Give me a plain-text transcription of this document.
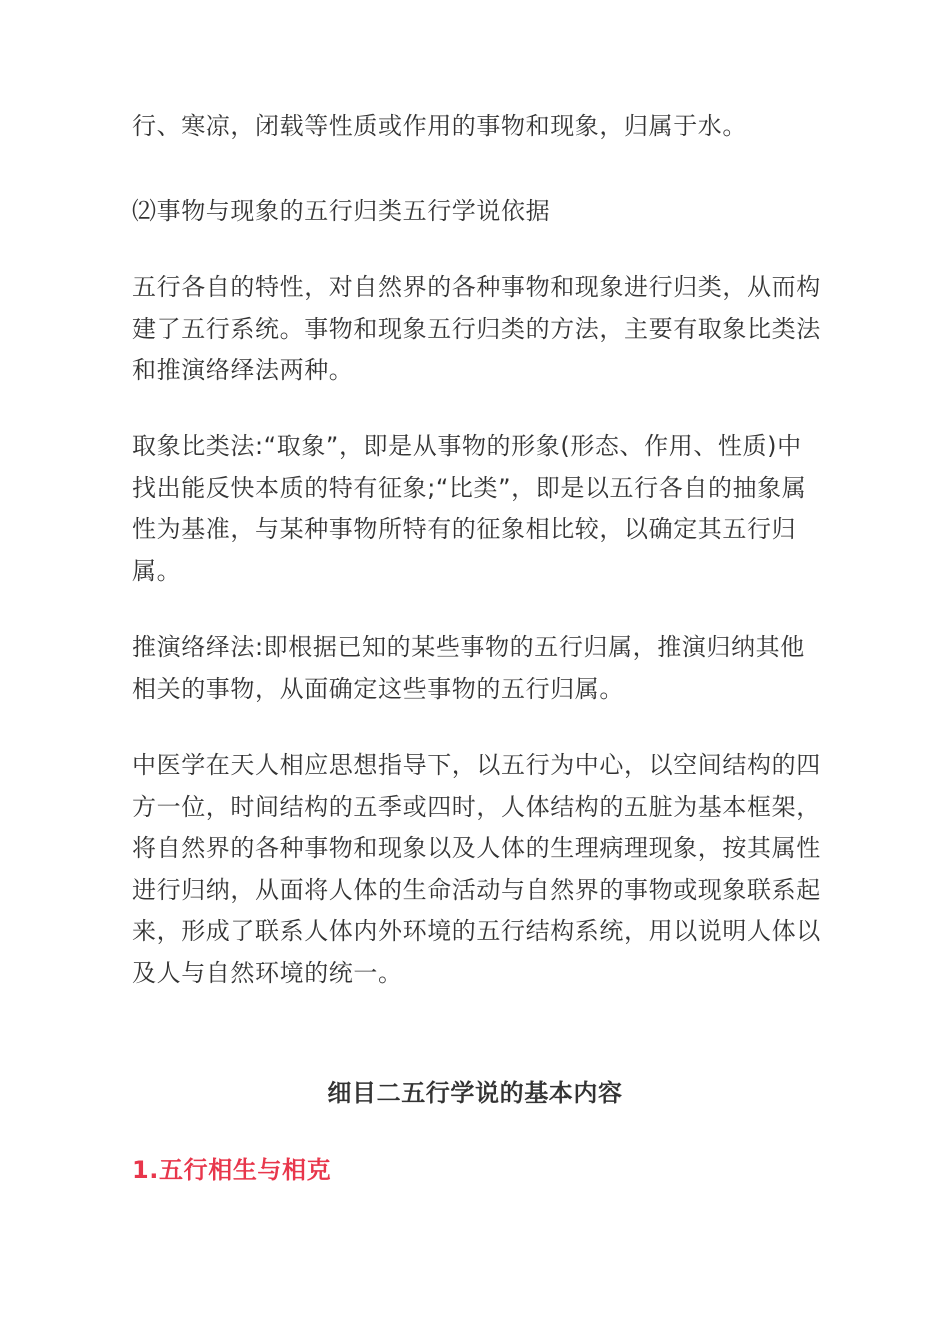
行、寒凉，闭载等性质或作用的事物和现象，归属于水。

⑵事物与现象的五行归类五行学说依据

五行各自的特性，对自然界的各种事物和现象进行归类，从而构建了五行系统。事物和现象五行归类的方法，主要有取象比类法和推演络绎法两种。

取象比类法:“取象”，即是从事物的形象(形态、作用、性质)中找出能反快本质的特有征象;“比类”，即是以五行各自的抽象属性为基准，与某种事物所特有的征象相比较，以确定其五行归属。

推演络绎法:即根据已知的某些事物的五行归属，推演归纳其他相关的事物，从面确定这些事物的五行归属。

中医学在天人相应思想指导下，以五行为中心，以空间结构的四方一位，时间结构的五季或四时，人体结构的五脏为基本框架，将自然界的各种事物和现象以及人体的生理病理现象，按其属性进行归纳，从面将人体的生命活动与自然界的事物或现象联系起来，形成了联系人体内外环境的五行结构系统，用以说明人体以及人与自然环境的统一。

细目二五行学说的基本内容
1.五行相生与相克
